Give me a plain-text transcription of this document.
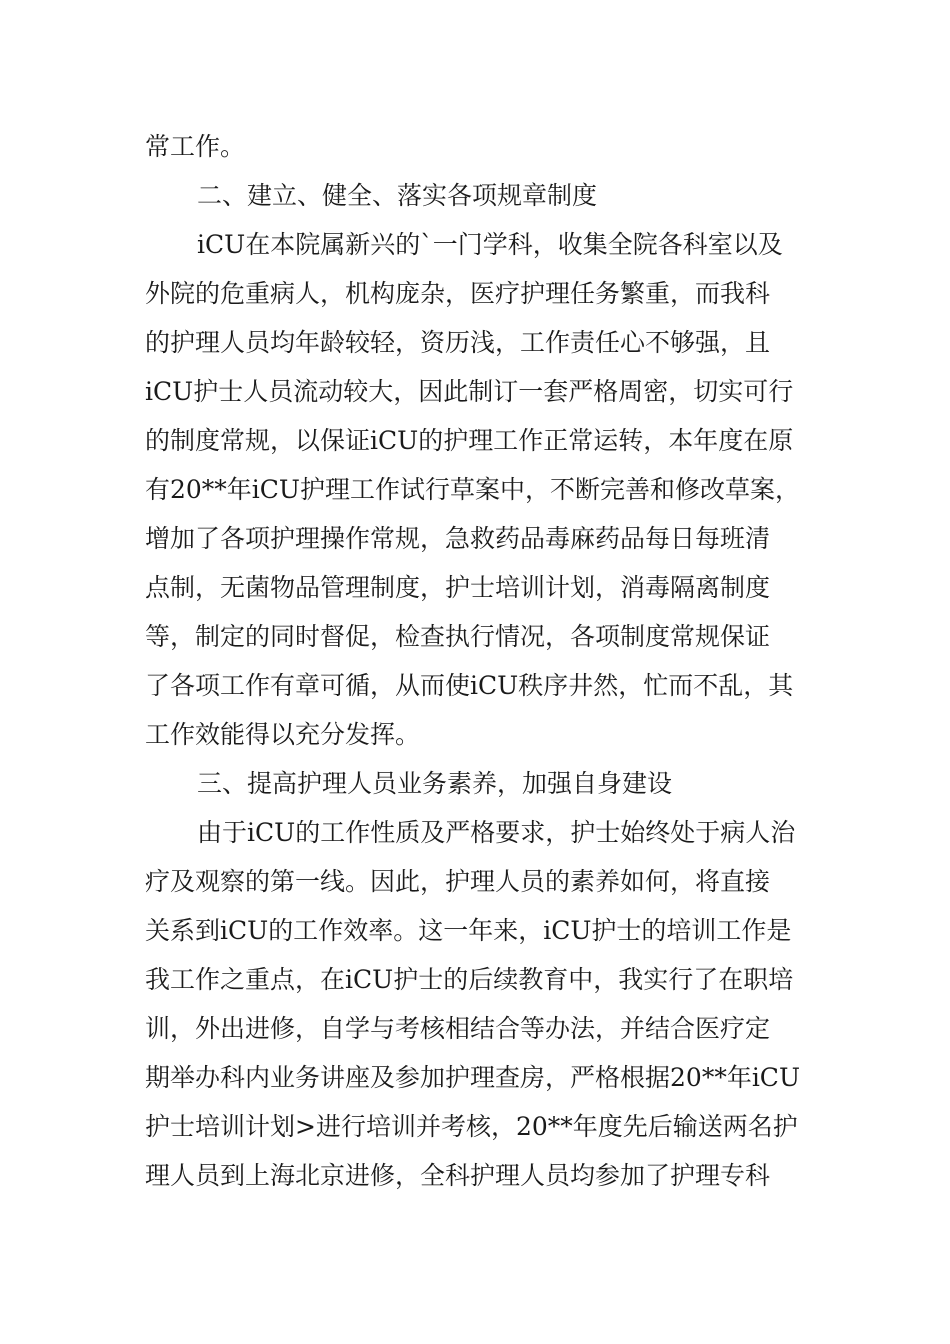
常工作。
二、建立、健全、落实各项规章制度
iCU在本院属新兴的`一门学科，收集全院各科室以及
外院的危重病人，机构庞杂，医疗护理任务繁重，而我科
的护理人员均年龄较轻，资历浅，工作责任心不够强，且
iCU护士人员流动较大，因此制订一套严格周密，切实可行
的制度常规，以保证iCU的护理工作正常运转，本年度在原
有20**年iCU护理工作试行草案中，不断完善和修改草案，
增加了各项护理操作常规，急救药品毒麻药品每日每班清
点制，无菌物品管理制度，护士培训计划，消毒隔离制度
等，制定的同时督促，检查执行情况，各项制度常规保证
了各项工作有章可循，从而使iCU秩序井然，忙而不乱，其
工作效能得以充分发挥。
三、提高护理人员业务素养，加强自身建设
由于iCU的工作性质及严格要求，护士始终处于病人治
疗及观察的第一线。因此，护理人员的素养如何，将直接
关系到iCU的工作效率。这一年来，iCU护士的培训工作是
我工作之重点，在iCU护士的后续教育中，我实行了在职培
训，外出进修，自学与考核相结合等办法，并结合医疗定
期举办科内业务讲座及参加护理查房，严格根据20**年iCU
护士培训计划>进行培训并考核，20**年度先后输送两名护
理人员到上海北京进修，全科护理人员均参加了护理专科
